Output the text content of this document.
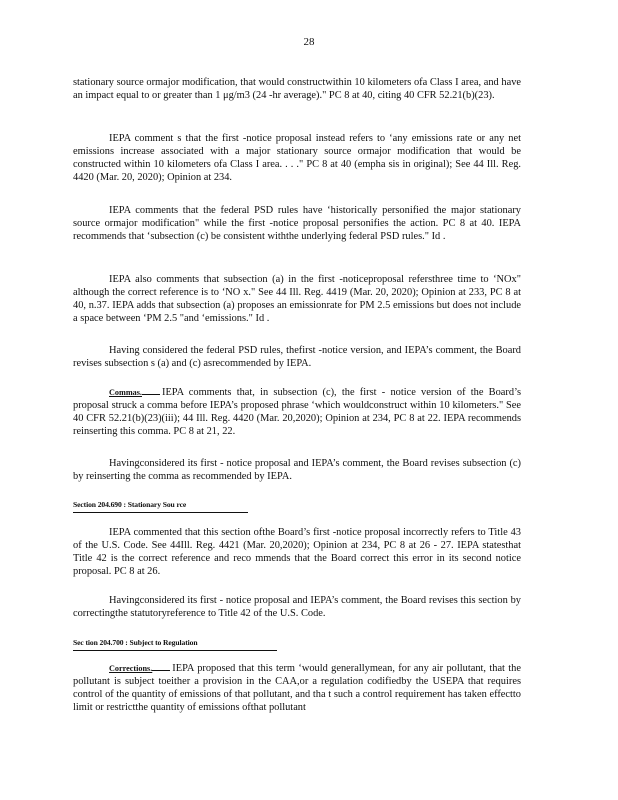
28

stationary source ormajor modification, that would constructwithin 10 kilometers ofa Class I area, and have an impact equal to or greater than 1 μg/m3 (24 -hr average)." PC 8 at 40, citing 40 CFR 52.21(b)(23).

IEPA comment s that the first -notice proposal instead refers to ‘any emissions rate or any net emissions increase associated with a major stationary source ormajor modification that would be constructed within 10 kilometers ofa Class I area. . . ." PC 8 at 40 (empha sis in original); See 44 Ill. Reg. 4420 (Mar. 20, 2020); Opinion at 234.

IEPA comments that the federal PSD rules have ‘historically personified the major stationary source ormajor modification" while the first -notice proposal personifies the action. PC 8 at 40. IEPA recommends that ‘subsection (c) be consistent withthe underlying federal PSD rules." Id .

IEPA also comments that subsection (a) in the first -noticeproposal refersthree time to ‘NOx" although the correct reference is to ‘NO x." See 44 Ill. Reg. 4419 (Mar. 20, 2020); Opinion at 233, PC 8 at 40, n.37. IEPA adds that subsection (a) proposes an emissionrate for PM 2.5 emissions but does not include a space between ‘PM 2.5 "and ‘emissions." Id .

Having considered the federal PSD rules, thefirst -notice version, and IEPA’s comment, the Board revises subsection s (a) and (c) asrecommended by IEPA.

Commas. IEPA comments that, in subsection (c), the first - notice version of the Board’s proposal struck a comma before IEPA’s proposed phrase ‘which wouldconstruct within 10 kilometers." See 40 CFR 52.21(b)(23)(iii); 44 Ill. Reg. 4420 (Mar. 20,2020); Opinion at 234, PC 8 at 22. IEPA recommends reinserting this comma. PC 8 at 21, 22.

Havingconsidered its first - notice proposal and IEPA’s comment, the Board revises subsection (c) by reinserting the comma as recommended by IEPA.

Section 204.690 : Stationary Sou rce

IEPA commented that this section ofthe Board’s first -notice proposal incorrectly refers to Title 43 of the U.S. Code. See 44Ill. Reg. 4421 (Mar. 20,2020); Opinion at 234, PC 8 at 26 - 27. IEPA statesthat Title 42 is the correct reference and reco mmends that the Board correct this error in its second notice proposal. PC 8 at 26.

Havingconsidered its first - notice proposal and IEPA’s comment, the Board revises this section by correctingthe statutoryreference to Title 42 of the U.S. Code.

Sec tion 204.700 : Subject to Regulation

Corrections. IEPA proposed that this term ‘would generallymean, for any air pollutant, that the pollutant is subject toeither a provision in the CAA,or a regulation codifiedby the USEPA that requires control of the quantity of emissions of that pollutant, and tha t such a control requirement has taken effectto limit or restrictthe quantity of emissions ofthat pollutant
